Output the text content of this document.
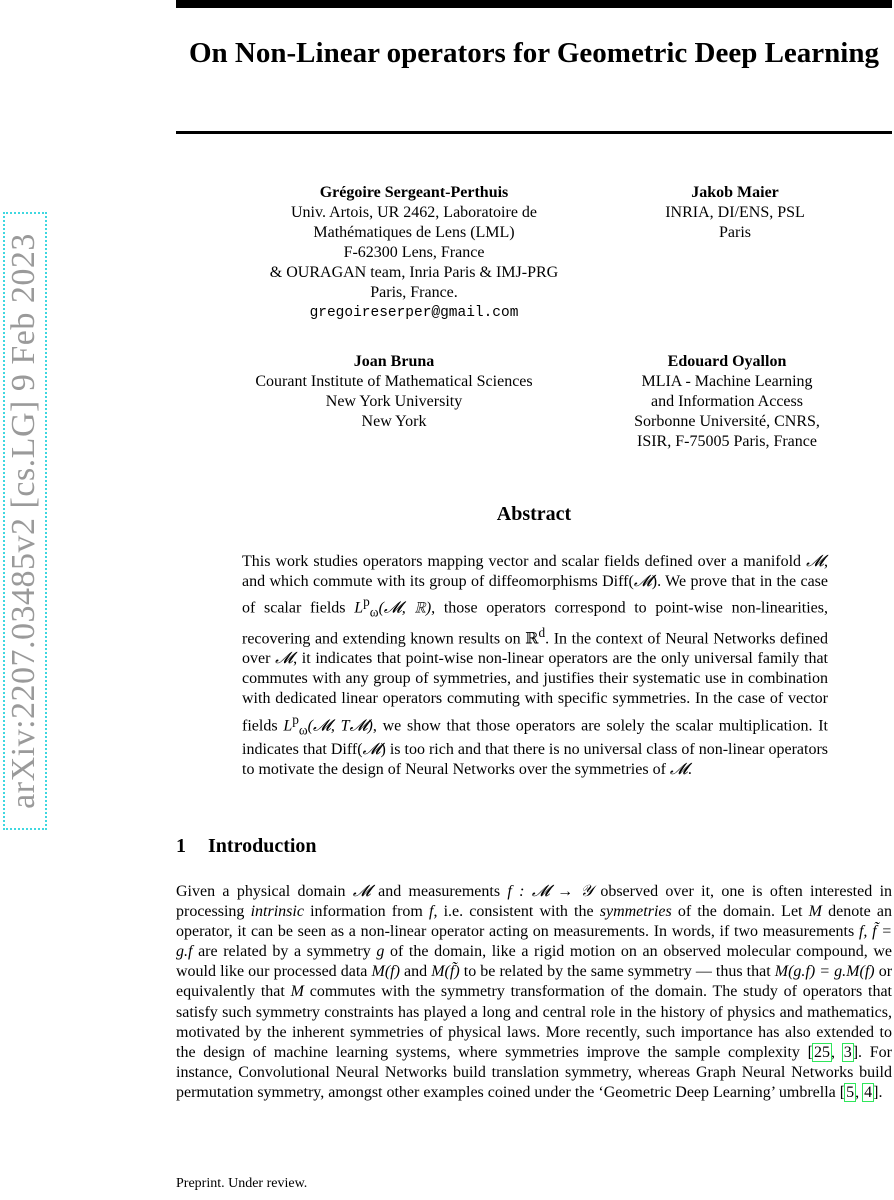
On Non-Linear operators for Geometric Deep Learning
arXiv:2207.03485v2 [cs.LG] 9 Feb 2023
Grégoire Sergeant-Perthuis
Univ. Artois, UR 2462, Laboratoire de
Mathématiques de Lens (LML)
F-62300 Lens, France
& OURAGAN team, Inria Paris & IMJ-PRG
Paris, France.
gregoireserper@gmail.com
Jakob Maier
INRIA, DI/ENS, PSL
Paris
Joan Bruna
Courant Institute of Mathematical Sciences
New York University
New York
Edouard Oyallon
MLIA - Machine Learning
and Information Access
Sorbonne Université, CNRS,
ISIR, F-75005 Paris, France
Abstract

This work studies operators mapping vector and scalar fields defined over a manifold 𝓜, and which commute with its group of diffeomorphisms Diff(𝓜). We prove that in the case of scalar fields $L^p_\omega(𝓜$, ℝ), those operators correspond to point-wise non-linearities, recovering and extending known results on ℝ$^d$. In the context of Neural Networks defined over 𝓜, it indicates that point-wise non-linear operators are the only universal family that commutes with any group of symmetries, and justifies their systematic use in combination with dedicated linear operators commuting with specific symmetries. In the case of vector fields $L^p_\omega(𝓜$, T𝓜), we show that those operators are solely the scalar multiplication. It indicates that Diff(𝓜) is too rich and that there is no universal class of non-linear operators to motivate the design of Neural Networks over the symmetries of 𝓜.

1 Introduction

Given a physical domain 𝓜 and measurements f : 𝓜 → 𝒴 observed over it, one is often interested in processing intrinsic information from f, i.e. consistent with the symmetries of the domain. Let M denote an operator, it can be seen as a non-linear operator acting on measurements. In words, if two measurements f, f̃ = g.f are related by a symmetry g of the domain, like a rigid motion on an observed molecular compound, we would like our processed data M(f) and M(f̃) to be related by the same symmetry — thus that M(g.f) = g.M(f) or equivalently that M commutes with the symmetry transformation of the domain. The study of operators that satisfy such symmetry constraints has played a long and central role in the history of physics and mathematics, motivated by the inherent symmetries of physical laws. More recently, such importance has also extended to the design of machine learning systems, where symmetries improve the sample complexity [25, 3]. For instance, Convolutional Neural Networks build translation symmetry, whereas Graph Neural Networks build permutation symmetry, amongst other examples coined under the ‘Geometric Deep Learning’ umbrella [5, 4].

Preprint. Under review.
